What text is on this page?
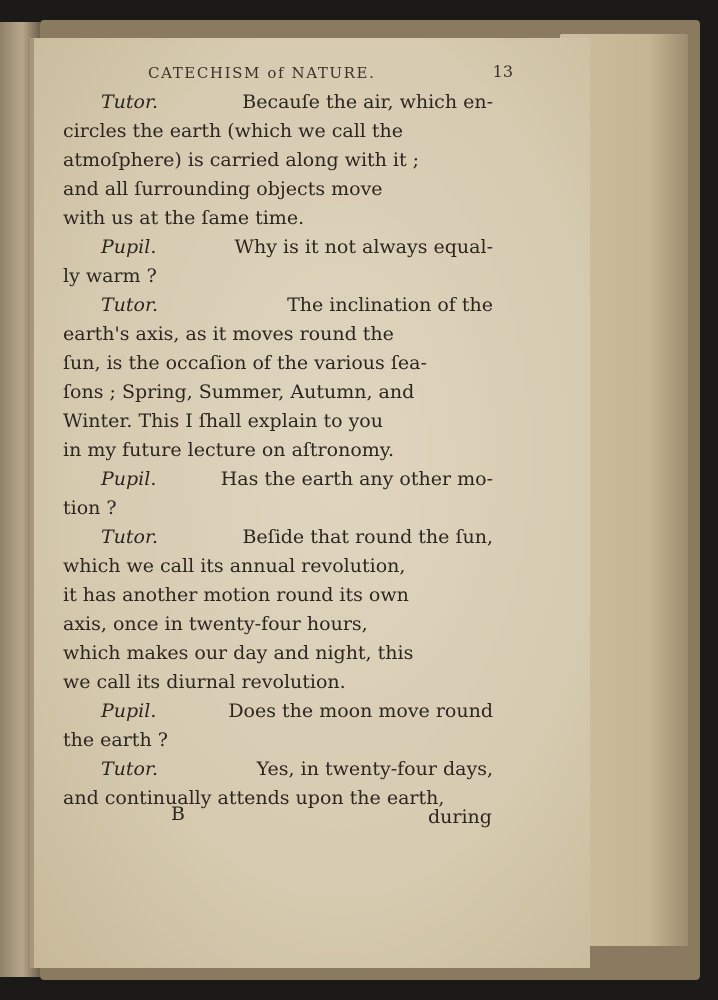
CATECHISM of NATURE.	13
Tutor.	Becauſe the air, which en-
circles the earth (which we call the
atmoſphere) is carried along with it ;
and all ſurrounding objects move
with us at the ſame time.
Pupil.	Why is it not always equal-
ly warm ?
Tutor.	The inclination of the
earth's axis, as it moves round the
ſun, is the occaſion of the various ſea-
ſons ; Spring, Summer, Autumn, and
Winter. This I ſhall explain to you
in my future lecture on aſtronomy.
Pupil.	Has the earth any other mo-
tion ?
Tutor.	Beſide that round the ſun,
which we call its annual revolution,
it has another motion round its own
axis, once in twenty-four hours,
which makes our day and night, this
we call its diurnal revolution.
Pupil.	Does the moon move round
the earth ?
Tutor.	Yes, in twenty-four days,
and continually attends upon the earth,
B	during
